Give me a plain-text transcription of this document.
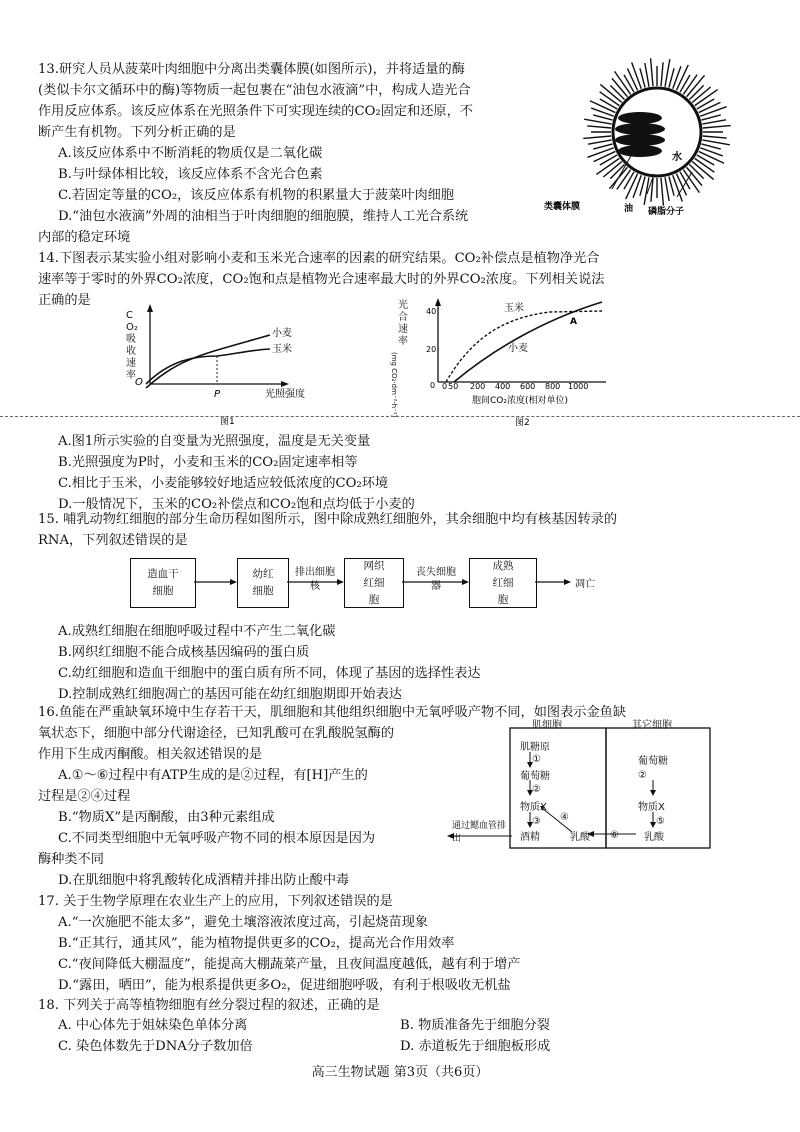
13.研究人员从菠菜叶肉细胞中分离出类囊体膜(如图所示)，并将适量的酶
(类似卡尔文循环中的酶)等物质一起包裹在“油包水液滴”中，构成人造光合
作用反应体系。该反应体系在光照条件下可实现连续的CO₂固定和还原，不
断产生有机物。下列分析正确的是
A.该反应体系中不断消耗的物质仅是二氧化碳
B.与叶绿体相比较，该反应体系不含光合色素
C.若固定等量的CO₂，该反应体系有机物的积累量大于菠菜叶肉细胞
D.“油包水液滴”外周的油相当于叶肉细胞的细胞膜，维持人工光合系统
内部的稳定环境
水
类囊体膜	油 磷脂分子
14.下图表示某实验小组对影响小麦和玉米光合速率的因素的研究结果。CO₂补偿点是植物净光合
速率等于零时的外界CO₂浓度，CO₂饱和点是植物光合速率最大时的外界CO₂浓度。下列相关说法
正确的是
O
P
小麦
玉米
光照强度
图1
CO₂吸收速率
0 50 200 400 600 800 1000
40
20
0
玉米
小麦
A
胞间CO₂浓度(相对单位)
图2
光合速率
(mg CO₂·dm⁻²·h⁻¹)
A.图1所示实验的自变量为光照强度，温度是无关变量
B.光照强度为P时，小麦和玉米的CO₂固定速率相等
C.相比于玉米，小麦能够较好地适应较低浓度的CO₂环境
D.一般情况下，玉米的CO₂补偿点和CO₂饱和点均低于小麦的
15. 哺乳动物红细胞的部分生命历程如图所示，图中除成熟红细胞外，其余细胞中均有核基因转录的
RNA，下列叙述错误的是
造血干细胞
幼红细胞
网织红细胞
成熟红细胞
排出细胞核
丧失细胞器	凋亡
A.成熟红细胞在细胞呼吸过程中不产生二氧化碳
B.网织红细胞不能合成核基因编码的蛋白质
C.幼红细胞和造血干细胞中的蛋白质有所不同，体现了基因的选择性表达
D.控制成熟红细胞凋亡的基因可能在幼红细胞期即开始表达
16.鱼能在严重缺氧环境中生存若干天，肌细胞和其他组织细胞中无氧呼吸产物不同，如图表示金鱼缺
氧状态下，细胞中部分代谢途径，已知乳酸可在乳酸脱氢酶的
作用下生成丙酮酸。相关叙述错误的是
A.①～⑥过程中有ATP生成的是②过程，有[H]产生的
过程是②④过程
B.“物质X”是丙酮酸，由3种元素组成
C.不同类型细胞中无氧呼吸产物不同的根本原因是因为
酶种类不同
D.在肌细胞中将乳酸转化成酒精并排出防止酸中毒
肌细胞	其它细胞
肌糖原
①
葡萄糖
②
物质X
③ ④
酒精	乳酸
葡萄糖
②
物质X
⑤
乳酸
⑥
通过鳃血管排出
17. 关于生物学原理在农业生产上的应用，下列叙述错误的是
A.“一次施肥不能太多”，避免土壤溶液浓度过高，引起烧苗现象
B.“正其行，通其风”，能为植物提供更多的CO₂，提高光合作用效率
C.“夜间降低大棚温度”，能提高大棚蔬菜产量，且夜间温度越低，越有利于增产
D.“露田，晒田”，能为根系提供更多O₂，促进细胞呼吸，有利于根吸收无机盐
18. 下列关于高等植物细胞有丝分裂过程的叙述，正确的是
A. 中心体先于姐妹染色单体分离	B. 物质准备先于细胞分裂
C. 染色体数先于DNA分子数加倍	D. 赤道板先于细胞板形成
高三生物试题 第3页（共6页）
